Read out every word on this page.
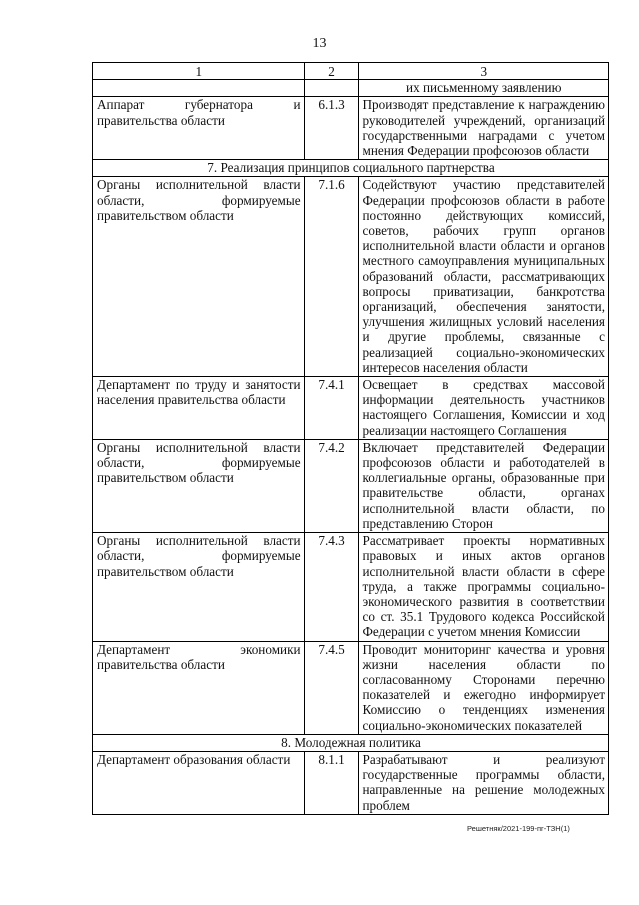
13
1	2	3
		их письменному заявлению
Аппарат губернатора и правительства области	6.1.3	Производят представление к награждению руководителей учреждений, организаций государственными наградами с учетом мнения Федерации профсоюзов области
7. Реализация принципов социального партнерства		
Органы исполнительной власти области, формируемые правительством области	7.1.6	Содействуют участию представителей Федерации профсоюзов области в работе постоянно действующих комиссий, советов, рабочих групп органов исполнительной власти области и органов местного самоуправления муниципальных образований области, рассматривающих вопросы приватизации, банкротства организаций, обеспечения занятости, улучшения жилищных условий населения и другие проблемы, связанные с реализацией социально-экономических интересов населения области
Департамент по труду и занятости населения правительства области	7.4.1	Освещает в средствах массовой информации деятельность участников настоящего Соглашения, Комиссии и ход реализации настоящего Соглашения
Органы исполнительной власти области, формируемые правительством области	7.4.2	Включает представителей Федерации профсоюзов области и работодателей в коллегиальные органы, образованные при правительстве области, органах исполнительной власти области, по представлению Сторон
Органы исполнительной власти области, формируемые правительством области	7.4.3	Рассматривает проекты нормативных правовых и иных актов органов исполнительной власти области в сфере труда, а также программы социально-экономического развития в соответствии со ст. 35.1 Трудового кодекса Российской Федерации с учетом мнения Комиссии
Департамент экономики правительства области	7.4.5	Проводит мониторинг качества и уровня жизни населения области по согласованному Сторонами перечню показателей и ежегодно информирует Комиссию о тенденциях изменения социально-экономических показателей
8. Молодежная политика		
Департамент образования области	8.1.1	Разрабатывают и реализуют государственные программы области, направленные на решение молодежных проблем
Решетняк/2021-199-пг-ТЗН(1)
